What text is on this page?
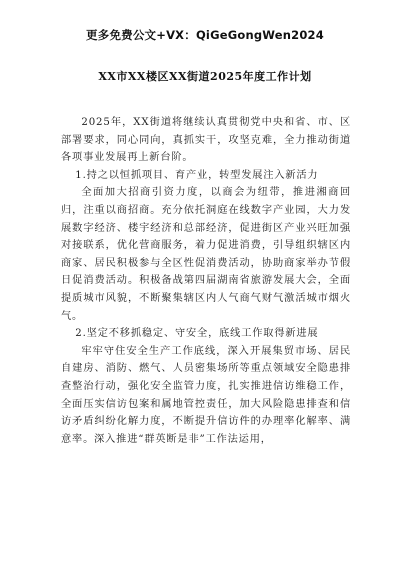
更多免费公文+VX：QiGeGongWen2024
XX市XX楼区XX街道2025年度工作计划

2025年，XX街道将继续认真贯彻党中央和省、市、区部署要求，同心同向，真抓实干，攻坚克难，全力推动街道各项事业发展再上新台阶。

1.持之以恒抓项目、育产业，转型发展注入新活力

全面加大招商引资力度，以商会为纽带，推进湘商回归，注重以商招商。充分依托洞庭在线数字产业园，大力发展数字经济、楼宇经济和总部经济，促进街区产业兴旺加强对接联系，优化营商服务，着力促进消费，引导组织辖区内商家、居民积极参与全区性促消费活动，协助商家举办节假日促消费活动。积极备战第四届湖南省旅游发展大会，全面提质城市风貌，不断聚集辖区内人气商气财气激活城市烟火气。

2.坚定不移抓稳定、守安全，底线工作取得新进展

牢牢守住安全生产工作底线，深入开展集贸市场、居民自建房、消防、燃气、人员密集场所等重点领域安全隐患排查整治行动，强化安全监管力度，扎实推进信访维稳工作，全面压实信访包案和属地管控责任，加大风险隐患排查和信访矛盾纠纷化解力度，不断提升信访件的办理率化解率、满意率。深入推进“群英断是非”工作法运用，
